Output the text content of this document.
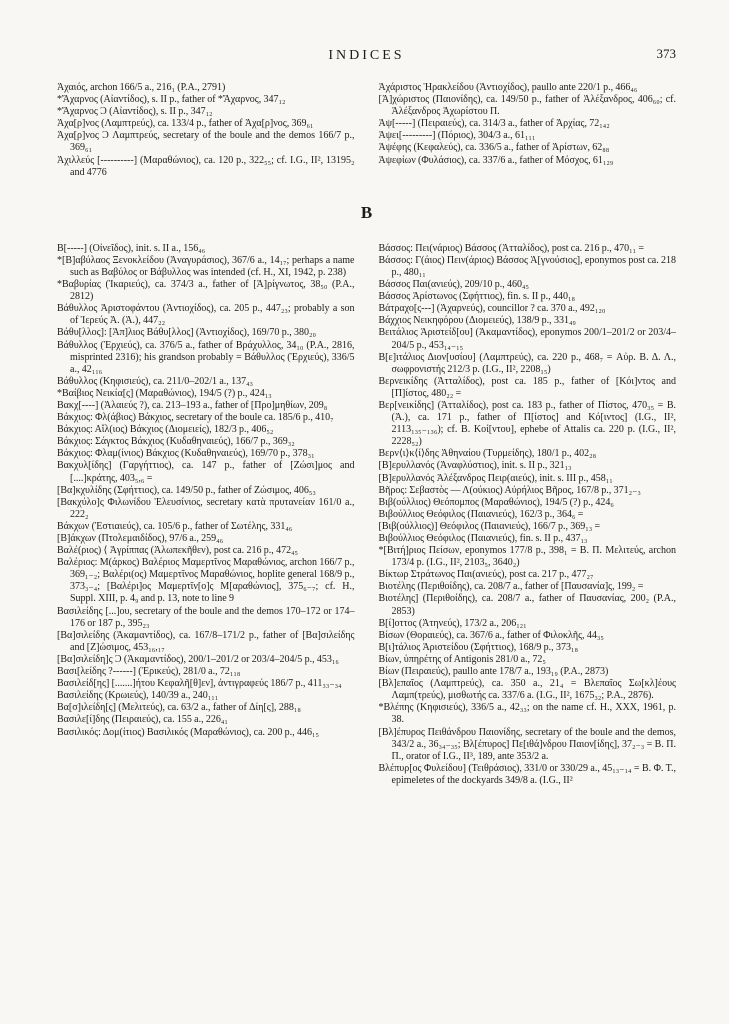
INDICES	373

Ἀχαιός, archon 166/5 a., 216₁ (P.A., 2791)

*Ἄχαρνος (Αἰαντίδος), s. II p., father of *Ἄχαρνος, 347₁₂

*Ἄχαρνος Ɔ (Αἰαντίδος), s. II p., 347₁₂

Ἀχα[ρ]νος (Λαμπτρεύς), ca. 133/4 p., father of Ἀχα[ρ]νος, 369₆₁

Ἀχα[ρ]νος Ɔ Λαμπτρεύς, secretary of the boule and the demos 166/7 p., 369₆₁

Ἀχιλλεύς [----------] (Μαραθώνιος), ca. 120 p., 322₅₅; cf. I.G., II², 13195₂ and 4776

Ἀχάριστος Ἡρακλείδου (Ἀντιοχίδος), paullo ante 220/1 p., 466₄₆

[Ἀ]χώριστος (Παιονίδης), ca. 149/50 p., father of Ἀλέξανδρος, 406₆₀; cf. Ἀλέξανδρος Ἀχωρίστου Π.

Ἀψ[-----] (Πειραιεύς), ca. 314/3 a., father of Ἀρχίας, 72₁₄₂

Ἀψει[---------] (Πόριος), 304/3 a., 61₁₁₁

Ἀψέφης (Κεφαλεύς), ca. 336/5 a., father of Ἀρίστων, 62₈₈

Ἀψεφίων (Φυλάσιος), ca. 337/6 a., father of Μόσχος, 61₁₂₉

B

Β[-----] (Οἰνεῖδος), init. s. II a., 156₄₆

*[Β]αβύλαος Ξενοκλείδου (Ἀναγυράσιος), 367/6 a., 14₁₇; perhaps a name such as Βαβύλος or Βάβυλλος was intended (cf. H., XI, 1942, p. 238)

*Βαβυρίας (Ἰκαριεύς), ca. 374/3 a., father of [Ἀ]ρίγνωτος, 38₅₀ (P.A., 2812)

Βάθυλλος Ἀριστοφάντου (Ἀντιοχίδος), ca. 205 p., 447₂₃; probably a son of Ἱερεύς Ἀ. (Ἀ.), 447₂₂

Βάθυ[λλος]: [Ἀπ]λιος Βάθυ[λλος] (Ἀντιοχίδος), 169/70 p., 380₂₀

Βάθυλλος (Ἐρχιεύς), ca. 376/5 a., father of Βράχυλλος, 34₁₀ (P.A., 2816, misprinted 2316); his grandson probably = Βάθυλλος (Ἐρχιεύς), 336/5 a., 42₁₁₆

Βάθυλλος (Κηφισιεύς), ca. 211/0–202/1 a., 137₄₃

*Βαίβιος Νεικία[ς] (Μαραθώνιος), 194/5 (?) p., 424₁₃

Βακχ[----] (Ἁλαιεύς ?), ca. 213–193 a., father of [Προ]μηθίων, 209₈

Βάκχιος: Φλ(άβιος) Βάκχιος, secretary of the boule ca. 185/6 p., 410₇

Βάκχιος: Αἴλ(ιος) Βάκχιος (Διομειείς), 182/3 p., 406₅₂

Βάκχιος: Σάγκτος Βάκχιος (Κυδαθηναιεύς), 166/7 p., 369₃₂

Βάκχιος: Φλαμ(ίνιος) Βάκχιος (Κυδαθηναιεύς), 169/70 p., 378₃₁

Βακχυλ[ίδης] (Γαργήττιος), ca. 147 p., father of [Ζώσι]μος and [....]κράτης, 403₅,₆ =

[Βα]κχυλίδης (Σφήττιος), ca. 149/50 p., father of Ζώσιμος, 406₅₃

[Βακχύλο]ς Φιλωνίδου Ἐλευσίνιος, secretary κατὰ πρυτανείαν 161/0 a., 222₂

Βάκχων (Ἑστιαιεύς), ca. 105/6 p., father of Σωτέλης, 331₄₆

[Β]άκχων (Πτολεμαιδίδος), 97/6 a., 259₄₆

Βαλέ(ριος) ⟨ Ἀγρίππας (Ἀλωπεκῆθεν), post ca. 216 p., 472₄₅

Βαλέριος: Μ(άρκος) Βαλέριος Μαμερτῖνος Μαραθώνιος, archon 166/7 p., 369₁₋₂; Βαλέρι(ος) Μαμερτῖνος Μαραθώνιος, hoplite general 168/9 p., 373₃₋₄; [Βαλέρι]ος Μαμερτῖν[ο]ς Μ[αραθώνιος], 375₆₋₇; cf. H., Suppl. XIII, p. 4₉ and p. 13, note to line 9

Βασιλείδης [...]ου, secretary of the boule and the demos 170–172 or 174–176 or 187 p., 395₂₃

[Βα]σιλείδης (Ἀκαμαντίδος), ca. 167/8–171/2 p., father of [Βα]σιλείδης and [Ζ]ώσιμος, 453₁₆,₁₇

[Βα]σιλείδη]ς Ɔ (Ἀκαμαντίδος), 200/1–201/2 or 203/4–204/5 p., 453₁₆

Βασι[λείδης ?------] (Ἐρικεύς), 281/0 a., 72₁₁₈

Βασιλείδ[ης] [.......]ήτου Κεφαλῆ[θ]εν], ἀντιγραφεύς 186/7 p., 411₃₃₋₃₄

Βασιλείδης (Κρωιεύς), 140/39 a., 240₁₁₁

Βα[σ]ιλείδη[ς] (Μελιτεύς), ca. 63/2 a., father of Δίη[ς], 288₁₈

Βασιλε[ί]δης (Πειραιεύς), ca. 155 a., 226₄₁

Βασιλικός: Δομ(ίτιος) Βασιλικός (Μαραθώνιος), ca. 200 p., 446₁₅

Βάσσος: Πει(νάριος) Βάσσος (Ἀτταλίδος), post ca. 216 p., 470₁₁ =

Βάσσος: Γ(άιος) Πειν(άριος) Βάσσος Ἁ[γνούσιος], eponymos post ca. 218 p., 480₁₁

Βάσσος Παι(ανιεύς), 209/10 p., 460₄₅

Βάσσος Ἀρίστωνος (Σφήττιος), fin. s. II p., 440₁₈

Βάτραχο[ς---] (Ἀχαρνεύς), councillor ? ca. 370 a., 492₁₂₀

Βάχχιος Νεικηφόρου (Διομειεύς), 138/9 p., 331₄₉

Βειτάλιος Ἀριστείδ[ου] (Ἀκαμαντίδος), eponymos 200/1–201/2 or 203/4–204/5 p., 453₁₄₋₁₅

Β[ε]ιτάλιος Διον[υσίου] (Λαμπτρεύς), ca. 220 p., 468₇ = Αὐρ. Β. Δ. Λ., σωφρονιστής 212/3 p. (I.G., II², 2208₁₅)

Βερνεικίδης (Ἀτταλίδος), post ca. 185 p., father of [Κόι]ντος and [Π]ίστος, 480₂₂ =

Βερ[νεικίδης] (Ἀτταλίδος), post ca. 183 p., father of Πίστος, 470₃₅ = Β. (Ἀ.), ca. 171 p., father of Π[ίστος] and Κό[ιντος] (I.G., II², 2113₁₃₅₋₁₃₆); cf. Β. Κοί[ντου], ephebe of Attalis ca. 220 p. (I.G., II², 2228₅₂)

Βερν⟨ι⟩κ⟨ί⟩δης Ἀθηναίου (Τυρμείδης), 180/1 p., 402₂₈

[Β]ερυλλανός (Ἀναφλύστιος), init. s. II p., 321₁₃

[Β]ερυλλανός Ἀλέξανδρος Πειρ(αιεύς), init. s. III p., 458₁₁

Βῆρος: Σεβαστὸς — Λ(ούκιος) Αὐρήλιος Βῆρος, 167/8 p., 371₂₋₃

Βιβ(ούλλιος) Θεόπομπος (Μαραθώνιος), 194/5 (?) p., 424₆

Βιβούλλιος Θεόφιλος (Παιανιεύς), 162/3 p., 364₆ =

[Βιβ(ούλλιος)] Θεόφιλος (Παιανιεύς), 166/7 p., 369₁₃ =

Βιβούλλιος Θεόφιλος (Παιανιεύς), fin. s. II p., 437₁₃

*[Βιτή]ριος Πείσων, eponymos 177/8 p., 398₁ = Β. Π. Μελιτεύς, archon 173/4 p. (I.G., II², 2103₅, 3640₂)

Βίκτωρ Στράτωνος Παι(ανιεύς), post ca. 217 p., 477₂₇

Βιοτέλης (Περιθοίδης), ca. 208/7 a., father of [Παυσανία]ς, 199₂ =

Βιοτέλης] (Περιθοίδης), ca. 208/7 a., father of Παυσανίας, 200₂ (P.A., 2853)

Β[ί]οττος (Ἀτηνεύς), 173/2 a., 206₁₂₁

Βίσων (Θοραιεύς), ca. 367/6 a., father of Φιλοκλῆς, 44₃₅

Β[ι]τάλιος Ἀριστείδου (Σφήττιος), 168/9 p., 373₁₈

Βίων, ὑπηρέτης of Antigonis 281/0 a., 72₅

Βίων (Πειραιεύς), paullo ante 178/7 a., 193₁₉ (P.A., 2873)

[Βλ]επαῖος (Λαμπτρεύς), ca. 350 a., 21₄ = Βλεπαῖος Σω[κλ]έους Λαμπ(τρεύς), μισθωτής ca. 337/6 a. (I.G., II², 1675₃₂; P.A., 2876).

*Βλέπης (Κηφισιεύς), 336/5 a., 42₃₃; on the name cf. H., XXX, 1961, p. 38.

[Βλ]έπυρος Πειθάνδρου Παιονίδης, secretary of the boule and the demos, 343/2 a., 36₃₄₋₃₅; Βλ[έπυρος] Πε[ιθά]νδρου Παιον[ίδης], 37₂₋₃ = Β. Π. Π., orator of I.G., II³, 189, ante 353/2 a.

Βλέπυρ[ος Φυλείδου] (Τειθράσιος), 331/0 or 330/29 a., 45₁₃₋₁₄ = Β. Φ. Τ., epimeletes of the dockyards 349/8 a. (I.G., II²
